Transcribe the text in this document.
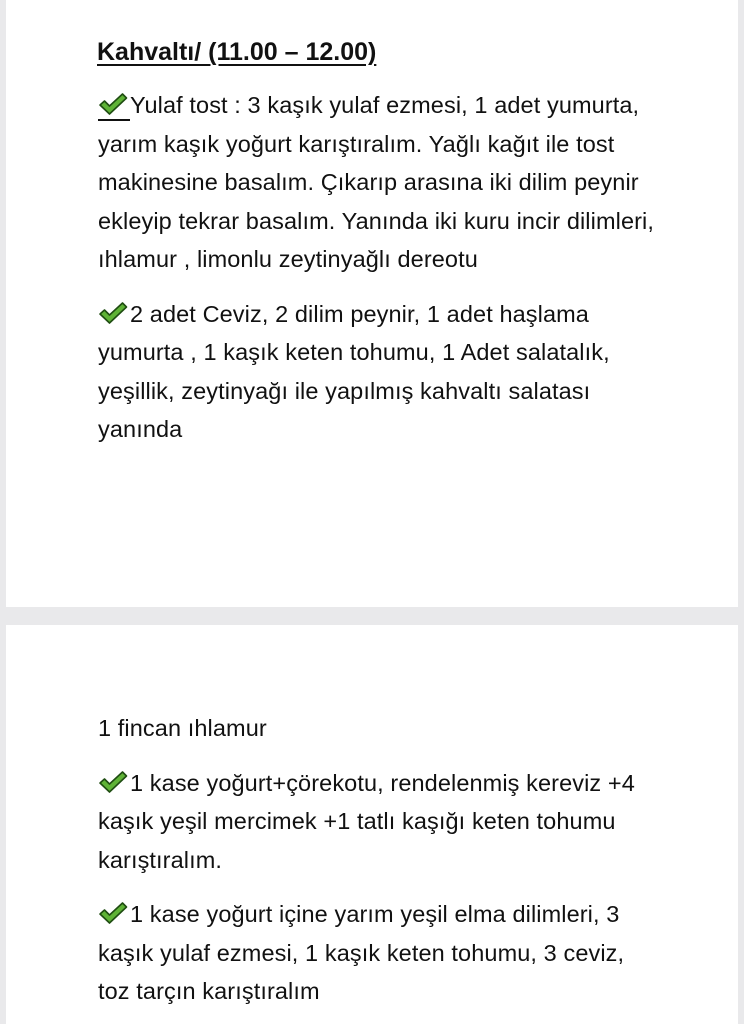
Kahvaltı/ (11.00 – 12.00)

Yulaf tost : 3 kaşık yulaf ezmesi, 1 adet yumurta, yarım kaşık yoğurt karıştıralım. Yağlı kağıt ile tost makinesine basalım. Çıkarıp arasına iki dilim peynir ekleyip tekrar basalım. Yanında iki kuru incir dilimleri, ıhlamur , limonlu zeytinyağlı dereotu

2 adet Ceviz, 2 dilim peynir, 1 adet haşlama yumurta , 1 kaşık keten tohumu, 1 Adet salatalık, yeşillik, zeytinyağı ile yapılmış kahvaltı salatası yanında

1 fincan ıhlamur

1 kase yoğurt+çörekotu, rendelenmiş kereviz +4 kaşık yeşil mercimek +1 tatlı kaşığı keten tohumu karıştıralım.

1 kase yoğurt içine yarım yeşil elma dilimleri, 3 kaşık yulaf ezmesi, 1 kaşık keten tohumu, 3 ceviz, toz tarçın karıştıralım
